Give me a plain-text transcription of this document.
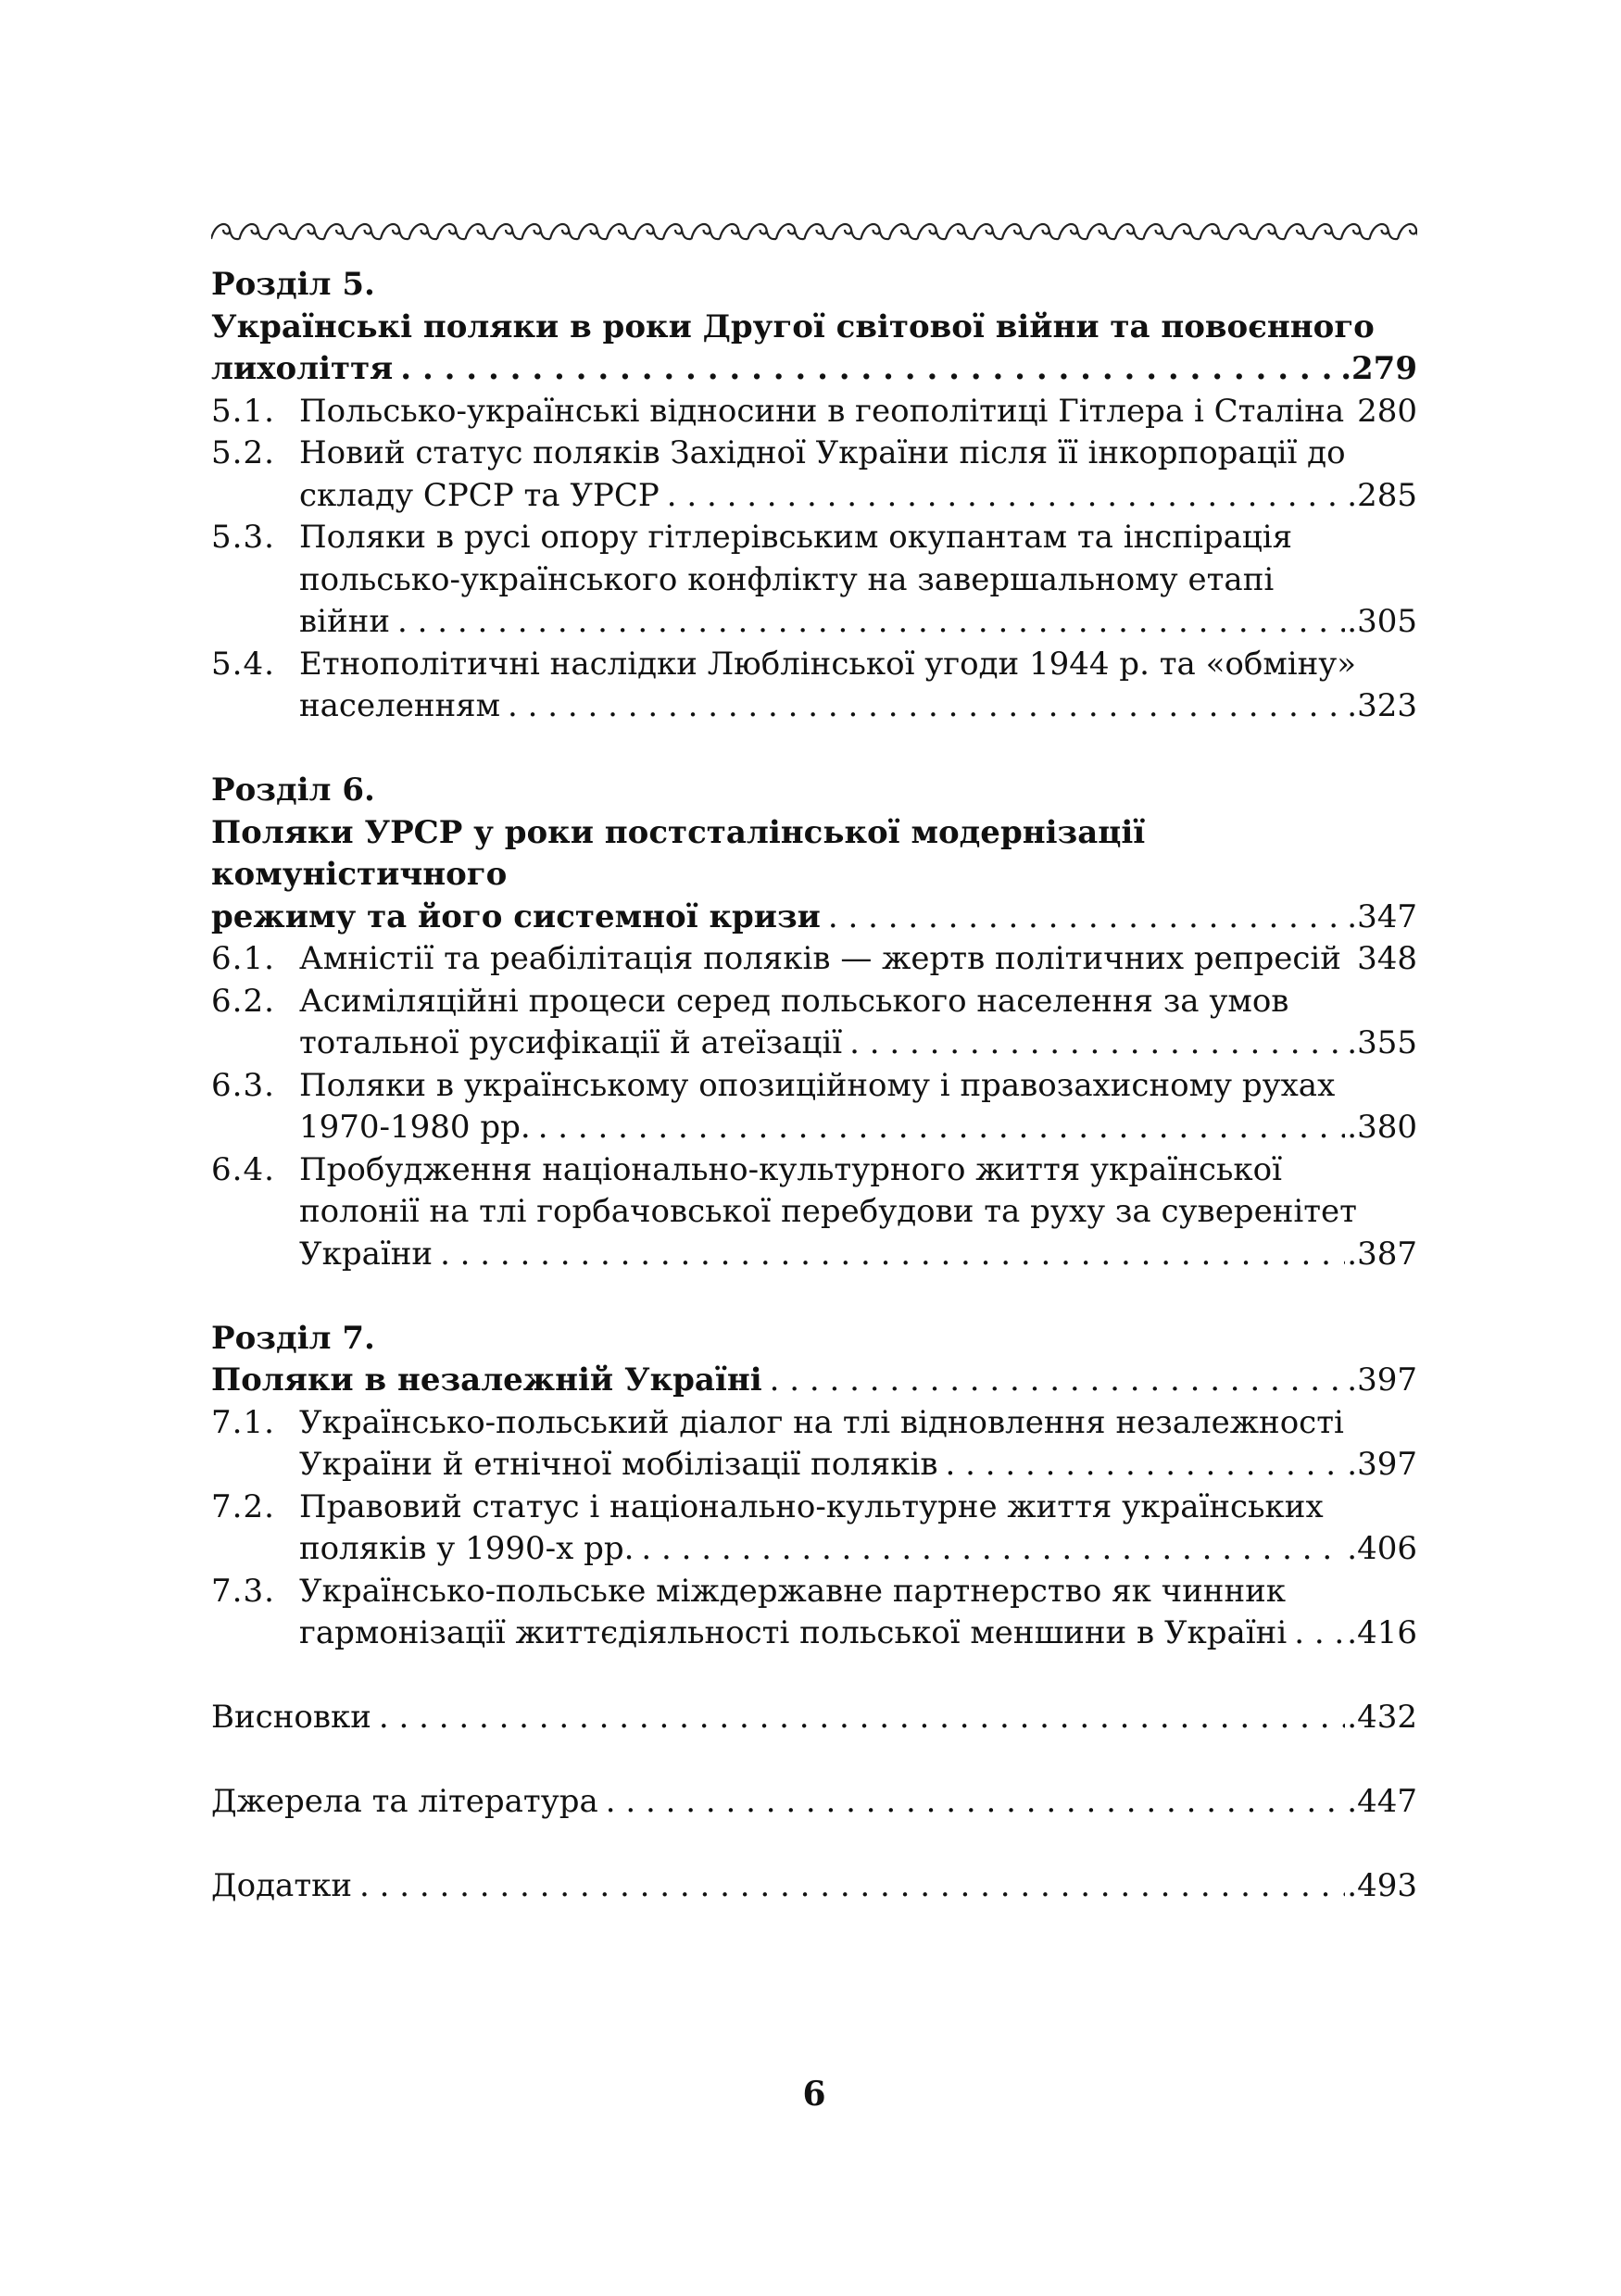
Розділ 5.
Українські поляки в роки Другої світової війни та повоєнного
лихоліття . . .	.279
5.1. Польсько-українські відносини в геополітиці Гітлера і Сталіна 280
5.2. Новий статус поляків Західної України після її інкорпорації до
складу СРСР та УРСР . . .	.285
5.3. Поляки в русі опору гітлерівським окупантам та інспірація
польсько-українського конфлікту на завершальному етапі
війни . . .	.305
5.4. Етнополітичні наслідки Люблінської угоди 1944 р. та «обміну»
населенням . . .	.323
Розділ 6.
Поляки УРСР у роки постсталінської модернізації комуністичного
режиму та його системної кризи . . .	.347
6.1. Амністії та реабілітація поляків — жертв політичних репресій 348
6.2. Асиміляційні процеси серед польського населення за умов
тотальної русифікації й атеїзації . . .	.355
6.3. Поляки в українському опозиційному і правозахисному рухах
1970-1980 рр. . . .	.380
6.4. Пробудження національно-культурного життя української
полонії на тлі горбачовської перебудови та руху за суверенітет
України . . .	.387
Розділ 7.
Поляки в незалежній Україні . . .	.397
7.1. Українсько-польський діалог на тлі відновлення незалежності
України й етнічної мобілізації поляків . . .	.397
7.2. Правовий статус і національно-культурне життя українських
поляків у 1990-х рр. . . .	.406
7.3. Українсько-польське міждержавне партнерство як чинник
гармонізації життєдіяльності польської меншини в Україні . . . .416
Висновки . . .	.432
Джерела та література . . .	.447
Додатки . . .	.493
6
